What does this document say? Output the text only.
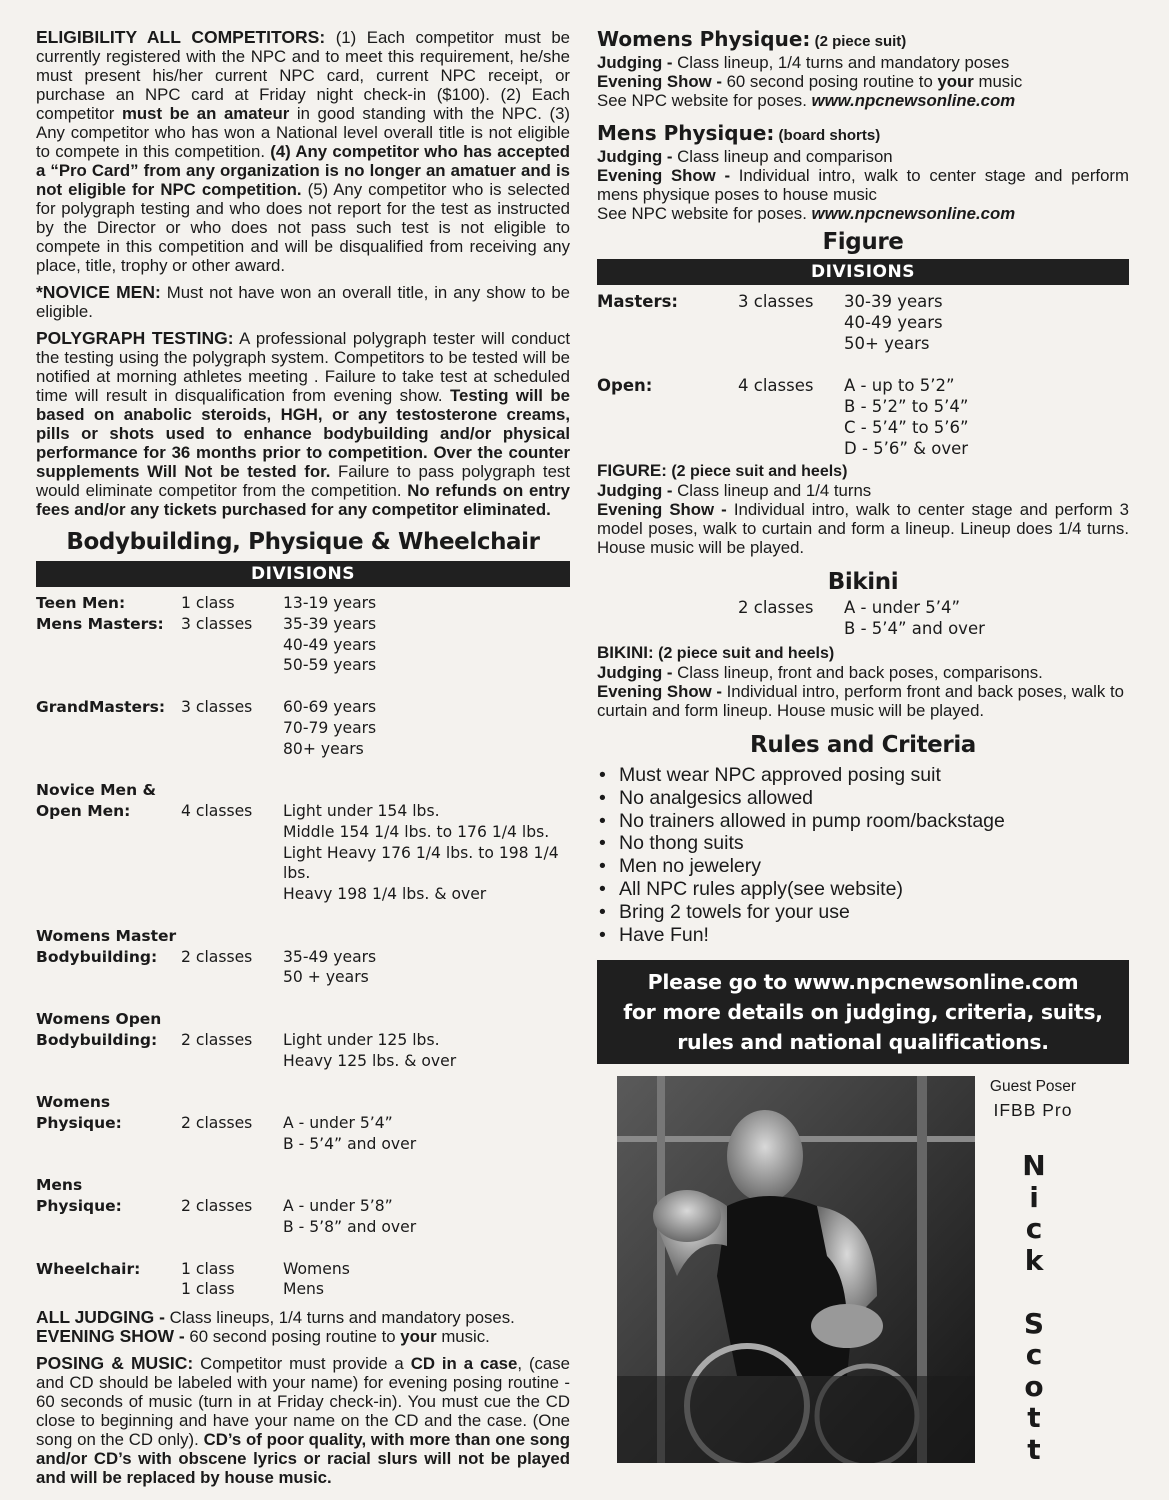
ELIGIBILITY ALL COMPETITORS: (1) Each competitor must be currently registered with the NPC and to meet this requirement, he/she must present his/her current NPC card, current NPC receipt, or purchase an NPC card at Friday night check-in ($100). (2) Each competitor must be an amateur in good standing with the NPC. (3) Any competitor who has won a National level overall title is not eligible to compete in this competition. (4) Any competitor who has accepted a “Pro Card” from any organization is no longer an amatuer and is not eligible for NPC competition. (5) Any competitor who is selected for polygraph testing and who does not report for the test as instructed by the Director or who does not pass such test is not eligible to compete in this competition and will be disqualified from receiving any place, title, trophy or other award.

*NOVICE MEN: Must not have won an overall title, in any show to be eligible.

POLYGRAPH TESTING: A professional polygraph tester will conduct the testing using the polygraph system. Competitors to be tested will be notified at morning athletes meeting . Failure to take test at scheduled time will result in disqualification from evening show. Testing will be based on anabolic steroids, HGH, or any testosterone creams, pills or shots used to enhance bodybuilding and/or physical performance for 36 months prior to competition. Over the counter supplements Will Not be tested for. Failure to pass polygraph test would eliminate competitor from the competition. No refunds on entry fees and/or any tickets purchased for any competitor eliminated.

Bodybuilding, Physique & Wheelchair
DIVISIONS
Teen Men:	1 class	13-19 years
Mens Masters:	3 classes	35-39 years

40-49 years

50-59 years

GrandMasters:	3 classes	60-69 years

70-79 years

80+ years

Novice Men &

Open Men:	4 classes	Light under 154 lbs.

Middle 154 1/4 lbs. to 176 1/4 lbs.

Light Heavy 176 1/4 lbs. to 198 1/4 lbs.

Heavy 198 1/4 lbs. & over

Womens Master

Bodybuilding:	2 classes	35-49 years

50 + years

Womens Open

Bodybuilding:	2 classes	Light under 125 lbs.

Heavy 125 lbs. & over

Womens

Physique:	2 classes	A - under 5’4”

B - 5’4” and over

Mens

Physique:	2 classes	A - under 5’8”

B - 5’8” and over

Wheelchair:	1 class	Womens

1 class	Mens

ALL JUDGING - Class lineups, 1/4 turns and mandatory poses.

EVENING SHOW - 60 second posing routine to your music.

POSING & MUSIC: Competitor must provide a CD in a case, (case and CD should be labeled with your name) for evening posing routine - 60 seconds of music (turn in at Friday check-in). You must cue the CD close to beginning and have your name on the CD and the case. (One song on the CD only). CD’s of poor quality, with more than one song and/or CD’s with obscene lyrics or racial slurs will not be played and will be replaced by house music.

Womens Physique: (2 piece suit)
Judging - Class lineup, 1/4 turns and mandatory poses
Evening Show - 60 second posing routine to your music
See NPC website for poses. www.npcnewsonline.com
Mens Physique: (board shorts)
Judging - Class lineup and comparison
Evening Show - Individual intro, walk to center stage and perform mens physique poses to house music
See NPC website for poses. www.npcnewsonline.com
Figure
DIVISIONS
Masters:	3 classes	30-39 years

40-49 years

50+ years

Open:	4 classes	A - up to 5’2”

B - 5’2” to 5’4”

C - 5’4” to 5’6”

D - 5’6” & over
FIGURE: (2 piece suit and heels)
Judging - Class lineup and 1/4 turns
Evening Show - Individual intro, walk to center stage and perform 3 model poses, walk to curtain and form a lineup. Lineup does 1/4 turns. House music will be played.
Bikini

2 classes	A - under 5’4”

B - 5’4” and over
BIKINI: (2 piece suit and heels)
Judging - Class lineup, front and back poses, comparisons.
Evening Show - Individual intro, perform front and back poses, walk to curtain and form lineup. House music will be played.
Rules and Criteria
• Must wear NPC approved posing suit
• No analgesics allowed
• No trainers allowed in pump room/backstage
• No thong suits
• Men no jewelery
• All NPC rules apply(see website)
• Bring 2 towels for your use
• Have Fun!
Please go to www.npcnewsonline.com
for more details on judging, criteria, suits,
rules and national qualifications.
Guest Poser
IFBB Pro
N
i
c
k

S
c
o
t
t
